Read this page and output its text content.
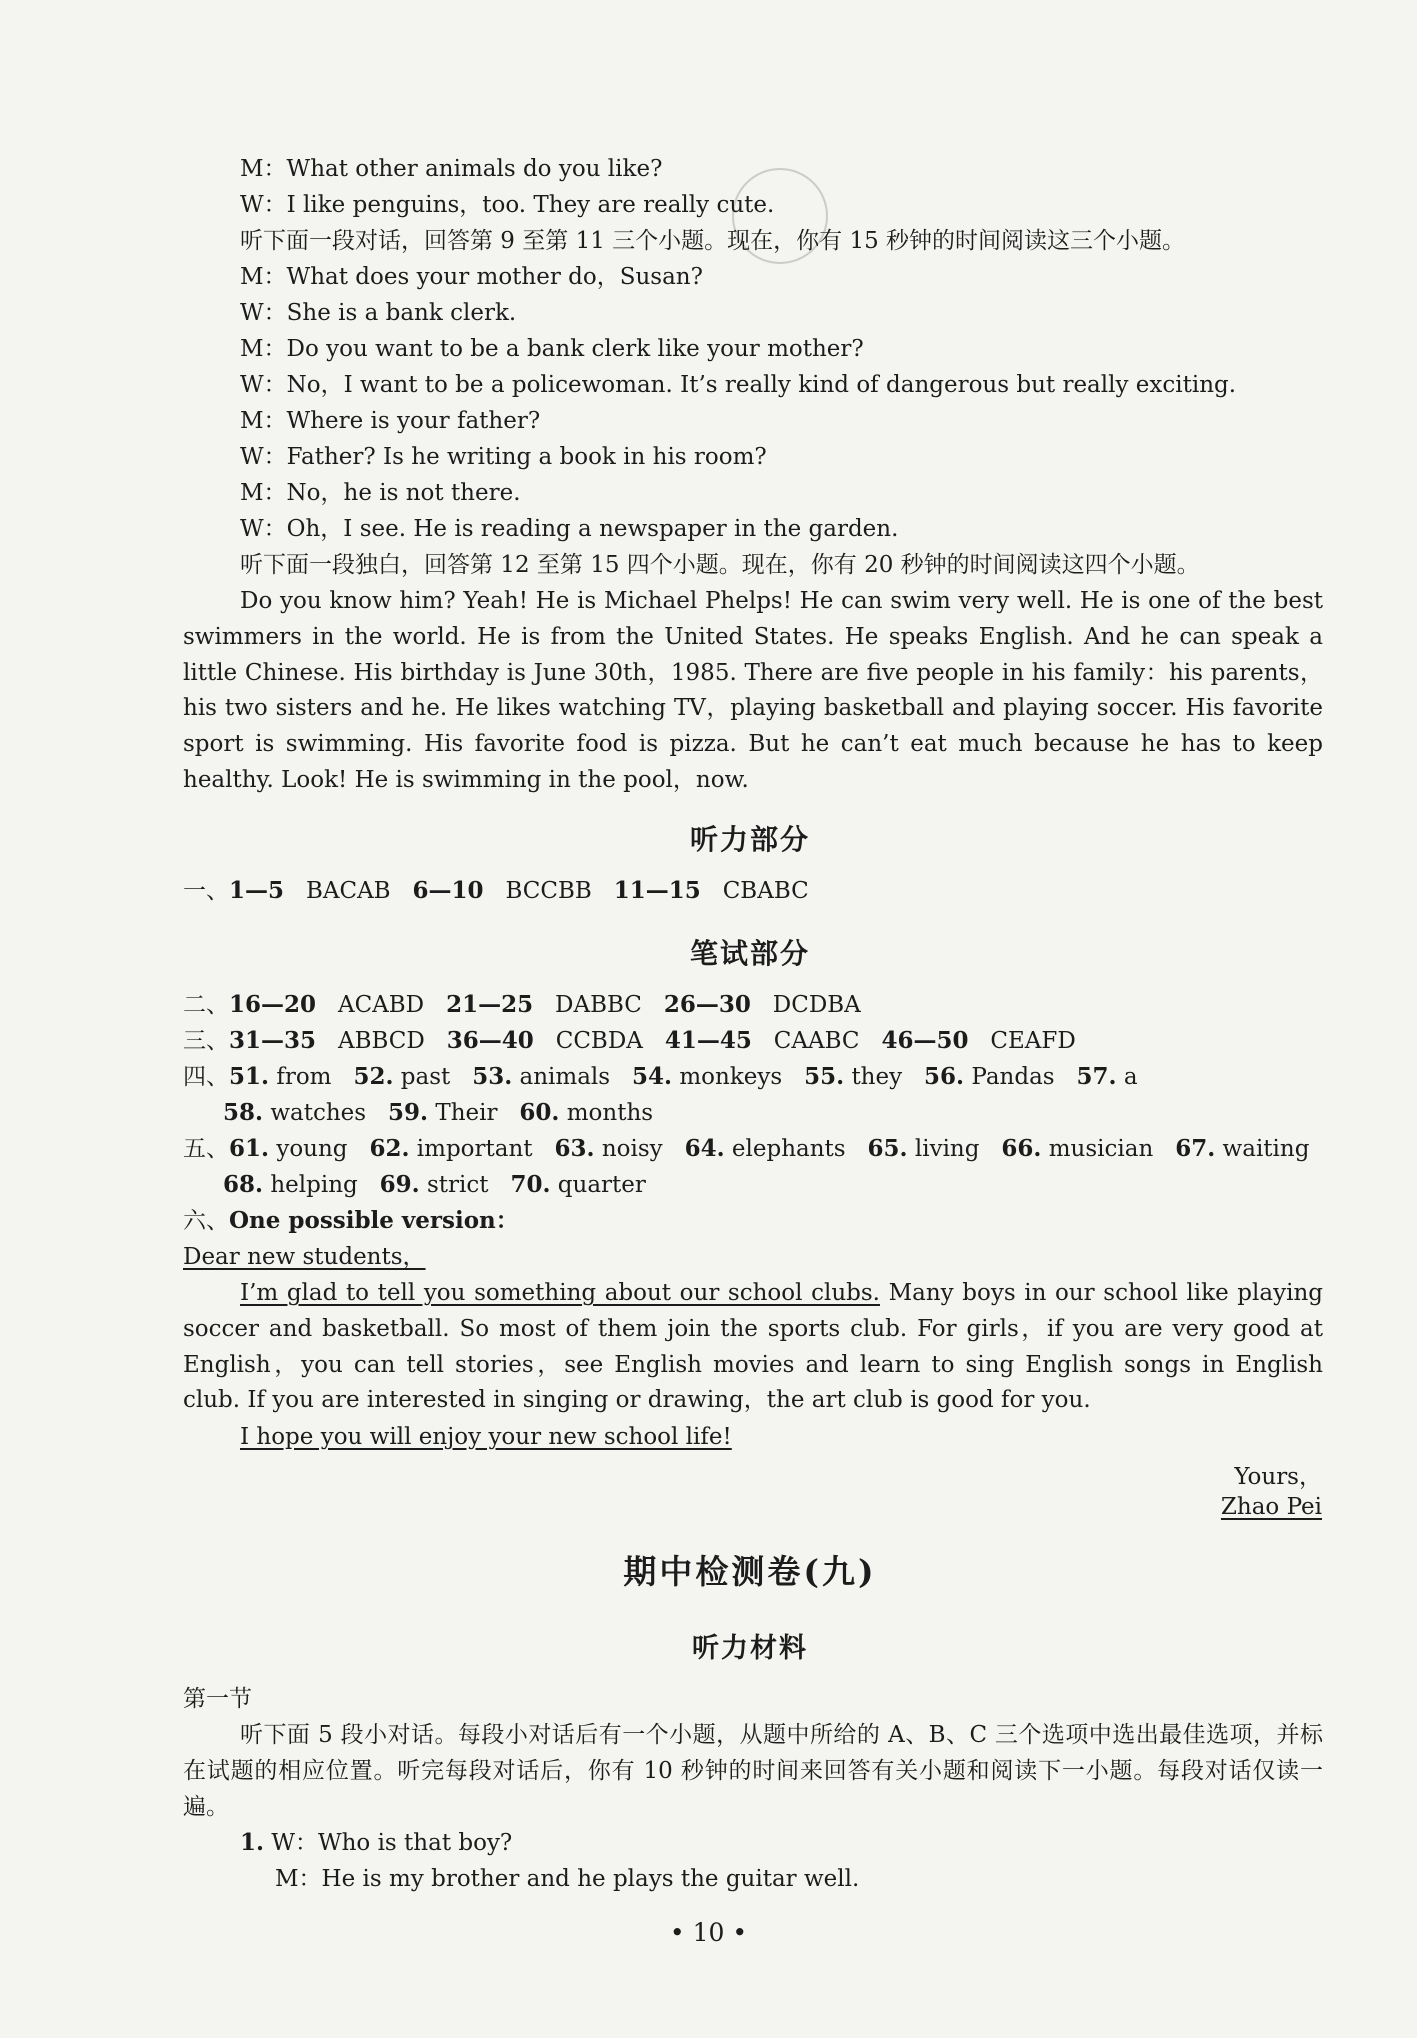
M：What other animals do you like?
W：I like penguins，too. They are really cute.
听下面一段对话，回答第 9 至第 11 三个小题。现在，你有 15 秒钟的时间阅读这三个小题。
M：What does your mother do，Susan?
W：She is a bank clerk.
M：Do you want to be a bank clerk like your mother?
W：No，I want to be a policewoman. It’s really kind of dangerous but really exciting.
M：Where is your father?
W：Father? Is he writing a book in his room?
M：No，he is not there.
W：Oh，I see. He is reading a newspaper in the garden.
听下面一段独白，回答第 12 至第 15 四个小题。现在，你有 20 秒钟的时间阅读这四个小题。
Do you know him? Yeah! He is Michael Phelps! He can swim very well. He is one of the best swimmers in the world. He is from the United States. He speaks English. And he can speak a little Chinese. His birthday is June 30th，1985. There are five people in his family：his parents，his two sisters and he. He likes watching TV，playing basketball and playing soccer. His favorite sport is swimming. His favorite food is pizza. But he can’t eat much because he has to keep healthy. Look! He is swimming in the pool，now.
听力部分
一、1—5 BACAB 6—10 BCCBB 11—15 CBABC
笔试部分
二、16—20 ACABD 21—25 DABBC 26—30 DCDBA
三、31—35 ABBCD 36—40 CCBDA 41—45 CAABC 46—50 CEAFD
四、51. from 52. past 53. animals 54. monkeys 55. they 56. Pandas 57. a
58. watches 59. Their 60. months
五、61. young 62. important 63. noisy 64. elephants 65. living 66. musician 67. waiting
68. helping 69. strict 70. quarter
六、One possible version：
Dear new students，
I’m glad to tell you something about our school clubs. Many boys in our school like playing soccer and basketball. So most of them join the sports club. For girls，if you are very good at English，you can tell stories，see English movies and learn to sing English songs in English club. If you are interested in singing or drawing，the art club is good for you.
I hope you will enjoy your new school life!
Yours，
Zhao Pei
期中检测卷(九)
听力材料
第一节
听下面 5 段小对话。每段小对话后有一个小题，从题中所给的 A、B、C 三个选项中选出最佳选项，并标在试题的相应位置。听完每段对话后，你有 10 秒钟的时间来回答有关小题和阅读下一小题。每段对话仅读一遍。
1. W：Who is that boy?
M：He is my brother and he plays the guitar well.
• 10 •
